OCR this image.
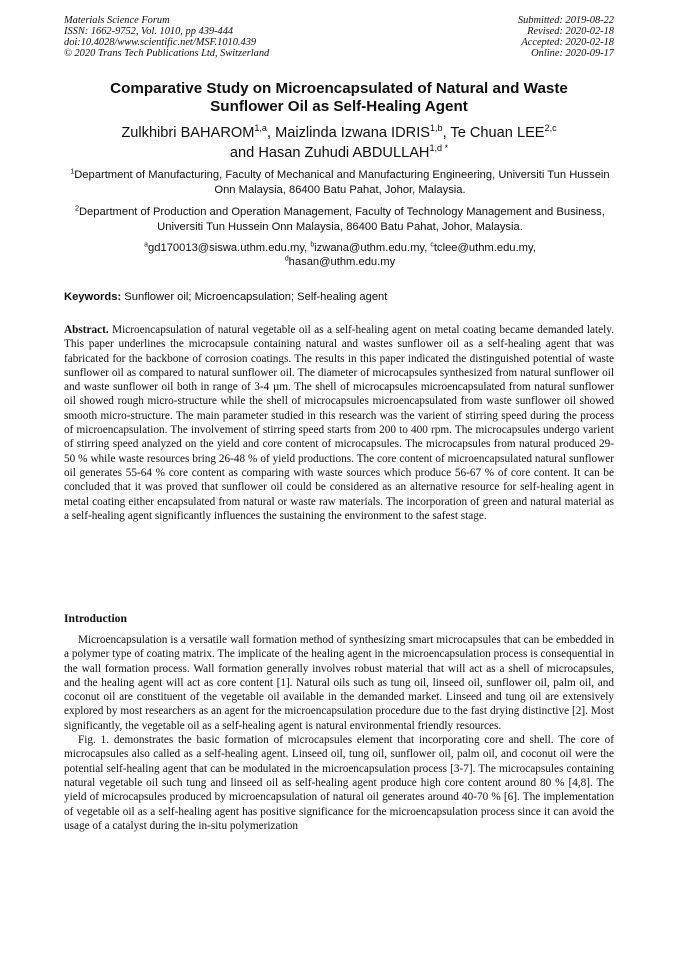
Materials Science Forum
ISSN: 1662-9752, Vol. 1010, pp 439-444
doi:10.4028/www.scientific.net/MSF.1010.439
© 2020 Trans Tech Publications Ltd, Switzerland
Submitted: 2019-08-22
Revised: 2020-02-18
Accepted: 2020-02-18
Online: 2020-09-17
Comparative Study on Microencapsulated of Natural and Waste
Sunflower Oil as Self-Healing Agent
Zulkhibri BAHAROM$^{1,a}$, Maizlinda Izwana IDRIS$^{1,b}$, Te Chuan LEE$^{2,c}$
and Hasan Zuhudi $ABDULLAH^{1,d *}$
$^1$Department of Manufacturing, Faculty of Mechanical and Manufacturing Engineering, Universiti Tun Hussein Onn Malaysia, 86400 Batu Pahat, Johor, Malaysia.
$^2$Department of Production and Operation Management, Faculty of Technology Management and Business, Universiti Tun Hussein Onn Malaysia, 86400 Batu Pahat, Johor, Malaysia.
$^a$gd170013@siswa.uthm.edu.my, $^b$izwana@uthm.edu.my, $^c$tclee@uthm.edu.my,
$^d$hasan@uthm.edu.my
Keywords: Sunflower oil; Microencapsulation; Self-healing agent

Abstract. Microencapsulation of natural vegetable oil as a self-healing agent on metal coating became demanded lately. This paper underlines the microcapsule containing natural and wastes sunflower oil as a self-healing agent that was fabricated for the backbone of corrosion coatings. The results in this paper indicated the distinguished potential of waste sunflower oil as compared to natural sunflower oil. The diameter of microcapsules synthesized from natural sunflower oil and waste sunflower oil both in range of 3-4 µm. The shell of microcapsules microencapsulated from natural sunflower oil showed rough micro-structure while the shell of microcapsules microencapsulated from waste sunflower oil showed smooth micro-structure. The main parameter studied in this research was the varient of stirring speed during the process of microencapsulation. The involvement of stirring speed starts from 200 to 400 rpm. The microcapsules undergo varient of stirring speed analyzed on the yield and core content of microcapsules. The microcapsules from natural produced 29-50 % while waste resources bring 26-48 % of yield productions. The core content of microencapsulated natural sunflower oil generates 55-64 % core content as comparing with waste sources which produce 56-67 % of core content. It can be concluded that it was proved that sunflower oil could be considered as an alternative resource for self-healing agent in metal coating either encapsulated from natural or waste raw materials. The incorporation of green and natural material as a self-healing agent significantly influences the sustaining the environment to the safest stage.

Introduction

Microencapsulation is a versatile wall formation method of synthesizing smart microcapsules that can be embedded in a polymer type of coating matrix. The implicate of the healing agent in the microencapsulation process is consequential in the wall formation process. Wall formation generally involves robust material that will act as a shell of microcapsules, and the healing agent will act as core content [1]. Natural oils such as tung oil, linseed oil, sunflower oil, palm oil, and coconut oil are constituent of the vegetable oil available in the demanded market. Linseed and tung oil are extensively explored by most researchers as an agent for the microencapsulation procedure due to the fast drying distinctive [2]. Most significantly, the vegetable oil as a self-healing agent is natural environmental friendly resources.

Fig. 1. demonstrates the basic formation of microcapsules element that incorporating core and shell. The core of microcapsules also called as a self-healing agent. Linseed oil, tung oil, sunflower oil, palm oil, and coconut oil were the potential self-healing agent that can be modulated in the microencapsulation process [3-7]. The microcapsules containing natural vegetable oil such tung and linseed oil as self-healing agent produce high core content around 80 % [4,8]. The yield of microcapsules produced by microencapsulation of natural oil generates around 40-70 % [6]. The implementation of vegetable oil as a self-healing agent has positive significance for the microencapsulation process since it can avoid the usage of a catalyst during the in-situ polymerization
